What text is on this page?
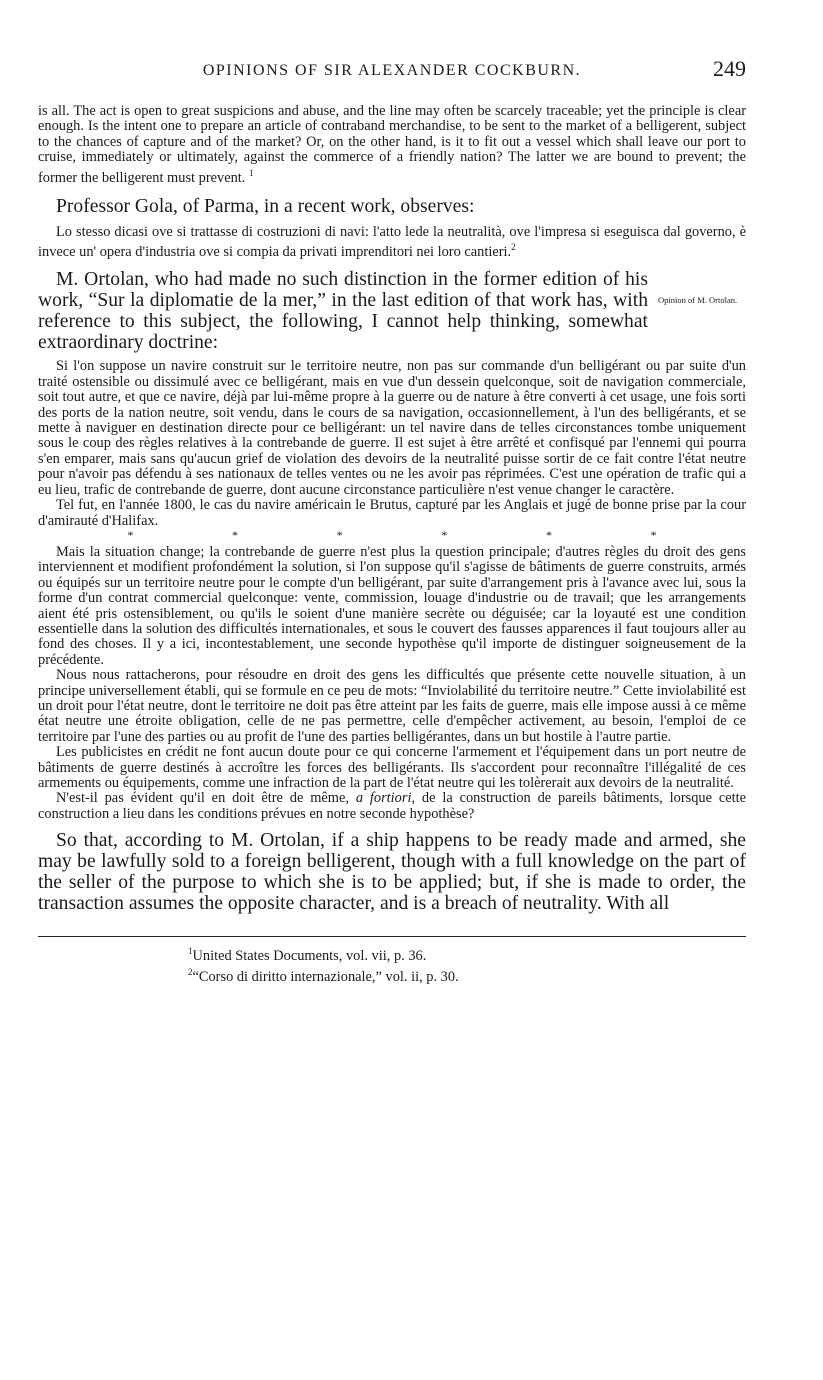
OPINIONS OF SIR ALEXANDER COCKBURN.	249

is all. The act is open to great suspicions and abuse, and the line may often be scarcely traceable; yet the principle is clear enough. Is the intent one to prepare an article of contraband merchandise, to be sent to the market of a belligerent, subject to the chances of capture and of the market? Or, on the other hand, is it to fit out a vessel which shall leave our port to cruise, immediately or ultimately, against the commerce of a friendly nation? The latter we are bound to prevent; the former the belligerent must prevent. $^1$

Professor Gola, of Parma, in a recent work, observes:

Lo stesso dicasi ove si trattasse di costruzioni di navi: l'atto lede la neutralità, ove l'impresa si eseguisca dal governo, è invece un' opera d'industria ove si compia da privati imprenditori nei loro cantieri.$^2$

M. Ortolan, who had made no such distinction in the former edition of his work, “Sur la diplomatie de la mer,” in the last edition of that work has, with reference to this subject, the following, I cannot help thinking, somewhat extraordinary doctrine:

Opinion of M. Ortolan.

Si l'on suppose un navire construit sur le territoire neutre, non pas sur commande d'un belligérant ou par suite d'un traité ostensible ou dissimulé avec ce belligérant, mais en vue d'un dessein quelconque, soit de navigation commerciale, soit tout autre, et que ce navire, déjà par lui-même propre à la guerre ou de nature à être converti à cet usage, une fois sorti des ports de la nation neutre, soit vendu, dans le cours de sa navigation, occasionnellement, à l'un des belligérants, et se mette à naviguer en destination directe pour ce belligérant: un tel navire dans de telles circonstances tombe uniquement sous le coup des règles relatives à la contrebande de guerre. Il est sujet à être arrêté et confisqué par l'ennemi qui pourra s'en emparer, mais sans qu'aucun grief de violation des devoirs de la neutralité puisse sortir de ce fait contre l'état neutre pour n'avoir pas défendu à ses nationaux de telles ventes ou ne les avoir pas réprimées. C'est une opération de trafic qui a eu lieu, trafic de contrebande de guerre, dont aucune circonstance particulière n'est venue changer le caractère.

Tel fut, en l'année 1800, le cas du navire américain le Brutus, capturé par les Anglais et jugé de bonne prise par la cour d'amirauté d'Halifax.

*	*	*	*	*	*

Mais la situation change; la contrebande de guerre n'est plus la question principale; d'autres règles du droit des gens interviennent et modifient profondément la solution, si l'on suppose qu'il s'agisse de bâtiments de guerre construits, armés ou équipés sur un territoire neutre pour le compte d'un belligérant, par suite d'arrangement pris à l'avance avec lui, sous la forme d'un contrat commercial quelconque: vente, commission, louage d'industrie ou de travail; que les arrangements aient été pris ostensiblement, ou qu'ils le soient d'une manière secrète ou déguisée; car la loyauté est une condition essentielle dans la solution des difficultés internationales, et sous le couvert des fausses apparences il faut toujours aller au fond des choses. Il y a ici, incontestablement, une seconde hypothèse qu'il importe de distinguer soigneusement de la précédente.

Nous nous rattacherons, pour résoudre en droit des gens les difficultés que présente cette nouvelle situation, à un principe universellement établi, qui se formule en ce peu de mots: “Inviolabilité du territoire neutre.” Cette inviolabilité est un droit pour l'état neutre, dont le territoire ne doit pas être atteint par les faits de guerre, mais elle impose aussi à ce même état neutre une étroite obligation, celle de ne pas permettre, celle d'empêcher activement, au besoin, l'emploi de ce territoire par l'une des parties ou au profit de l'une des parties belligérantes, dans un but hostile à l'autre partie.

Les publicistes en crédit ne font aucun doute pour ce qui concerne l'armement et l'équipement dans un port neutre de bâtiments de guerre destinés à accroître les forces des belligérants. Ils s'accordent pour reconnaître l'illégalité de ces armements ou équipements, comme une infraction de la part de l'état neutre qui les tolèrerait aux devoirs de la neutralité.

N'est-il pas évident qu'il en doit être de même, a fortiori, de la construction de pareils bâtiments, lorsque cette construction a lieu dans les conditions prévues en notre seconde hypothèse?

So that, according to M. Ortolan, if a ship happens to be ready made and armed, she may be lawfully sold to a foreign belligerent, though with a full knowledge on the part of the seller of the purpose to which she is to be applied; but, if she is made to order, the transaction assumes the opposite character, and is a breach of neutrality. With all

$^1$United States Documents, vol. vii, p. 36.
$^2$“Corso di diritto internazionale,” vol. ii, p. 30.
